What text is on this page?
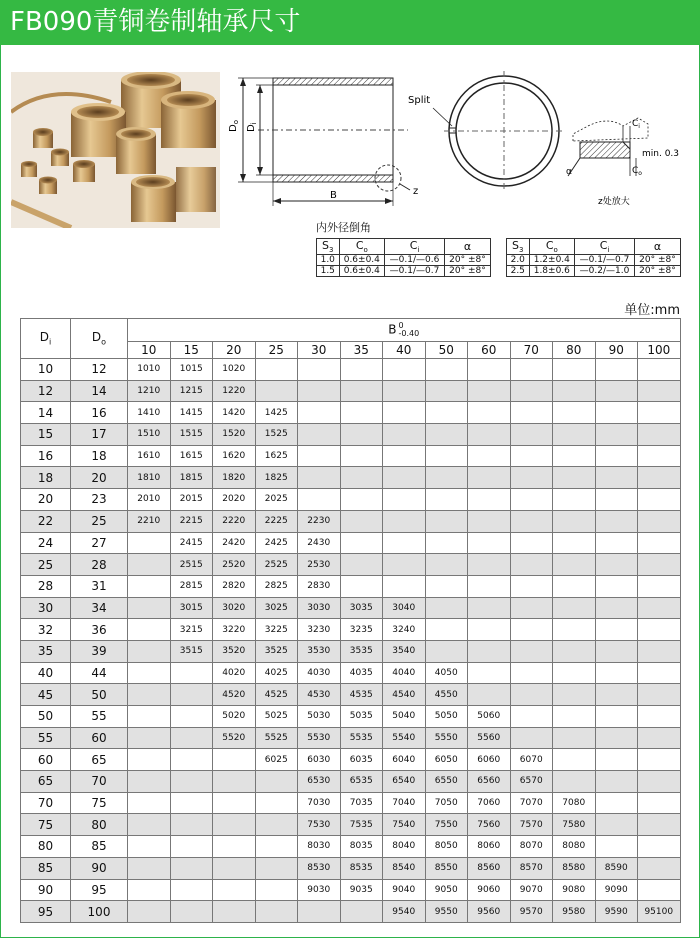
FB090青铜卷制轴承尺寸
$D_o$
$D_i$
B	z
Split
$C_i$
$C_o$
min. 0.3
α
z处放大
内外径倒角
$S_3$	$C_o$	$C_i$	α
1.0	0.6±0.4	—0.1/—0.6	20° ±8°
1.5	0.6±0.4	—0.1/—0.7	20° ±8°
$S_3$	$C_o$	$C_i$	α
2.0	1.2±0.4	—0.1/—0.7	20° ±8°
2.5	1.8±0.6	—0.2/—1.0	20° ±8°
单位:mm
$D_i$	$D_o$	B 0
-0.40												
		10	15	20	25	30	35	40	50	60	70	80	90	100
10	12	1010	1015	1020										
12	14	1210	1215	1220										
14	16	1410	1415	1420	1425									
15	17	1510	1515	1520	1525									
16	18	1610	1615	1620	1625									
18	20	1810	1815	1820	1825									
20	23	2010	2015	2020	2025									
22	25	2210	2215	2220	2225	2230								
24	27		2415	2420	2425	2430								
25	28		2515	2520	2525	2530								
28	31		2815	2820	2825	2830								
30	34		3015	3020	3025	3030	3035	3040						
32	36		3215	3220	3225	3230	3235	3240						
35	39		3515	3520	3525	3530	3535	3540						
40	44			4020	4025	4030	4035	4040	4050					
45	50			4520	4525	4530	4535	4540	4550					
50	55			5020	5025	5030	5035	5040	5050	5060				
55	60			5520	5525	5530	5535	5540	5550	5560				
60	65				6025	6030	6035	6040	6050	6060	6070			
65	70					6530	6535	6540	6550	6560	6570			
70	75					7030	7035	7040	7050	7060	7070	7080		
75	80					7530	7535	7540	7550	7560	7570	7580		
80	85					8030	8035	8040	8050	8060	8070	8080		
85	90					8530	8535	8540	8550	8560	8570	8580	8590	
90	95					9030	9035	9040	9050	9060	9070	9080	9090	
95	100							9540	9550	9560	9570	9580	9590	95100
